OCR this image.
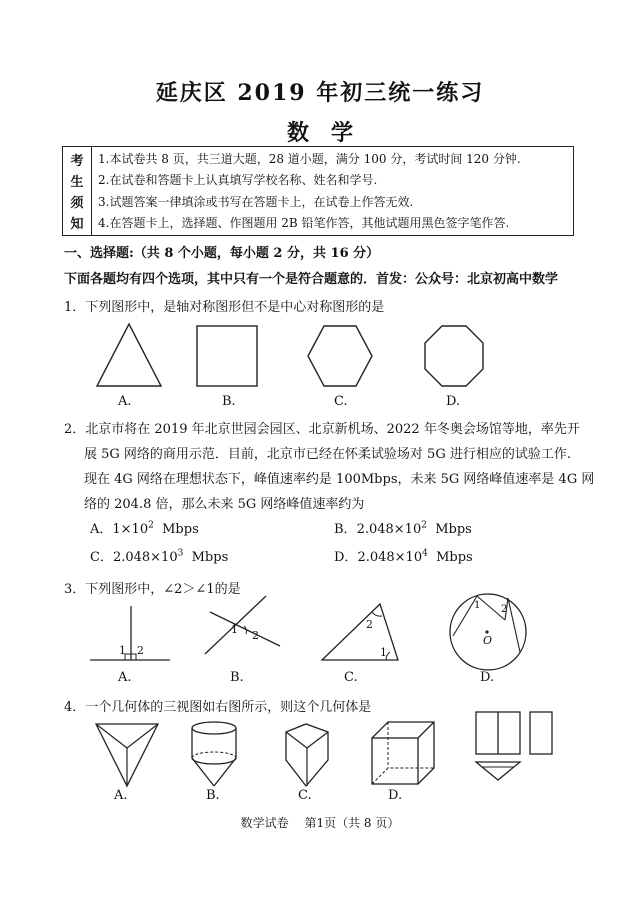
延庆区 2019 年初三统一练习
数学
考
生
须
知
1.本试卷共 8 页，共三道大题，28 道小题，满分 100 分，考试时间 120 分钟.
2.在试卷和答题卡上认真填写学校名称、姓名和学号.
3.试题答案一律填涂或书写在答题卡上，在试卷上作答无效.
4.在答题卡上，选择题、作图题用 2B 铅笔作答，其他试题用黑色签字笔作答.
一、选择题:（共 8 个小题，每小题 2 分，共 16 分）
下面各题均有四个选项，其中只有一个是符合题意的．首发：公众号：北京初高中数学
1．下列图形中，是轴对称图形但不是中心对称图形的是
A.	B.	C.	D.
2．北京市将在 2019 年北京世园会园区、北京新机场、2022 年冬奥会场馆等地，率先开
展 5G 网络的商用示范．目前，北京市已经在怀柔试验场对 5G 进行相应的试验工作.
现在 4G 网络在理想状态下，峰值速率约是 100Mbps，未来 5G 网络峰值速率是 4G 网
络的 204.8 倍，那么未来 5G 网络峰值速率约为
A．$1\times 10^2$ Mbps	B．$2.048\times 10^2$ Mbps
C．$2.048\times 10^3$ Mbps	D．$2.048\times 10^4$ Mbps
3．下列图形中，∠2＞∠1的是
1 2
1 2
2
1
1 2
O
A.	B.	C.	D.
4．一个几何体的三视图如右图所示，则这个几何体是
A.	B.	C.	D.
数学试卷 第1页（共 8 页）
